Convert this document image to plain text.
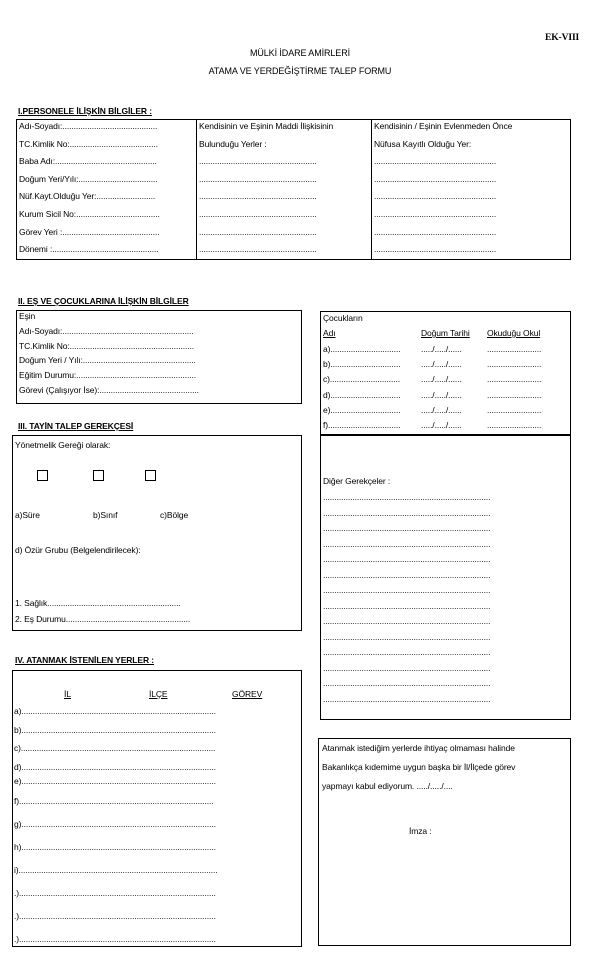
EK-VIII
MÜLKİ İDARE AMİRLERİ
ATAMA VE YERDEĞİŞTİRME TALEP FORMU
I.PERSONELE İLİŞKİN BİLGİLER :
Adı-Soyadı:..........................................
TC.Kimlik No:.......................................
Baba Adı:.............................................
Doğum Yeri/Yılı:...................................
Nüf.Kayt.Olduğu Yer:..........................
Kurum Sicil No:.....................................
Görev Yeri :...........................................
Dönemi :...............................................
Kendisinin ve Eşinin Maddi İlişkisinin
Bulunduğu Yerler :
....................................................
....................................................
....................................................
....................................................
....................................................
....................................................
Kendisinin / Eşinin Evlenmeden Önce
Nüfusa Kayıtlı Olduğu Yer:
......................................................
......................................................
......................................................
......................................................
......................................................
......................................................
II. EŞ VE ÇOCUKLARINA İLİŞKİN BİLGİLER
Eşin
Adı-Soyadı:..........................................................
TC.Kimlik No:.......................................................
Doğum Yeri / Yılı:..................................................
Eğitim Durumu:.....................................................
Görevi (Çalışıyor İse):............................................
Çocukların
Adı	Doğum Tarihi Okuduğu Okul
a)............................... ...../...../......	........................
b)............................... ...../...../......	........................
c)............................... ...../...../......	........................
d)............................... ...../...../......	........................
e)............................... ...../...../......	........................
f)................................ ...../...../......	........................
III. TAYİN TALEP GEREKÇESİ
Yönetmelik Gereği olarak:
a)Süre	b)Sınıf	c)Bölge
d) Özür Grubu (Belgelendirilecek):
1. Sağlık...........................................................
2. Eş Durumu.......................................................
Diğer Gerekçeler :
..........................................................................
..........................................................................
..........................................................................
..........................................................................
..........................................................................
..........................................................................
..........................................................................
..........................................................................
..........................................................................
..........................................................................
..........................................................................
..........................................................................
..........................................................................
..........................................................................
IV. ATANMAK İSTENİLEN YERLER :
İL	İLÇE	GÖREV
a)......................................................................................
b)......................................................................................
c)......................................................................................
d)......................................................................................
e)......................................................................................
f)......................................................................................
g)......................................................................................
h)......................................................................................
i)........................................................................................
.).......................................................................................
.).......................................................................................
.).......................................................................................
Atanmak istediğim yerlerde ihtiyaç olmaması halinde
Bakanlıkça kıdemime uygun başka bir İl/İlçede görev
yapmayı kabul ediyorum. ...../...../....
İmza :
